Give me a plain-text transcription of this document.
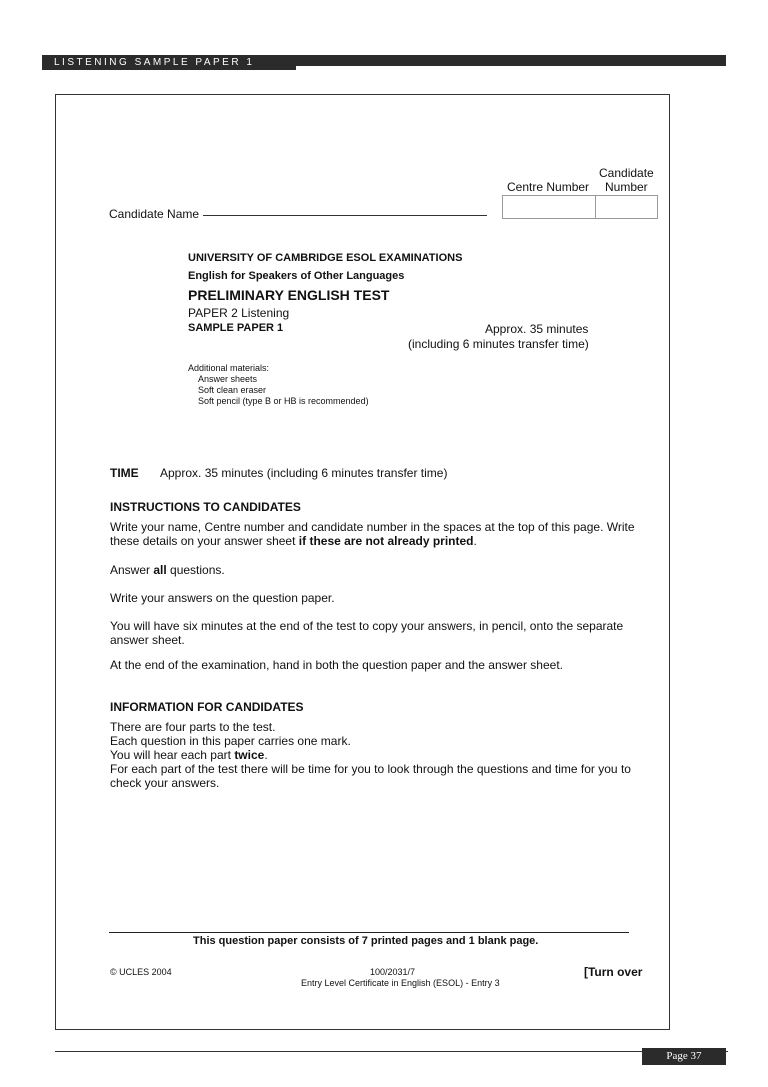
LISTENING SAMPLE PAPER 1
Candidate
Centre Number Number
Candidate Name
UNIVERSITY OF CAMBRIDGE ESOL EXAMINATIONS
English for Speakers of Other Languages
PRELIMINARY ENGLISH TEST
PAPER 2 Listening
SAMPLE PAPER 1	Approx. 35 minutes
(including 6 minutes transfer time)
Additional materials:
Answer sheets
Soft clean eraser
Soft pencil (type B or HB is recommended)
TIME Approx. 35 minutes (including 6 minutes transfer time)
INSTRUCTIONS TO CANDIDATES

Write your name, Centre number and candidate number in the spaces at the top of this page. Write these details on your answer sheet if these are not already printed.

Answer all questions.

Write your answers on the question paper.

You will have six minutes at the end of the test to copy your answers, in pencil, onto the separate answer sheet.

At the end of the examination, hand in both the question paper and the answer sheet.

INFORMATION FOR CANDIDATES

There are four parts to the test.

Each question in this paper carries one mark.

You will hear each part twice.

For each part of the test there will be time for you to look through the questions and time for you to check your answers.

This question paper consists of 7 printed pages and 1 blank page.
© UCLES 2004	100/2031/7
Entry Level Certificate in English (ESOL) - Entry 3
[Turn over
Page 37
